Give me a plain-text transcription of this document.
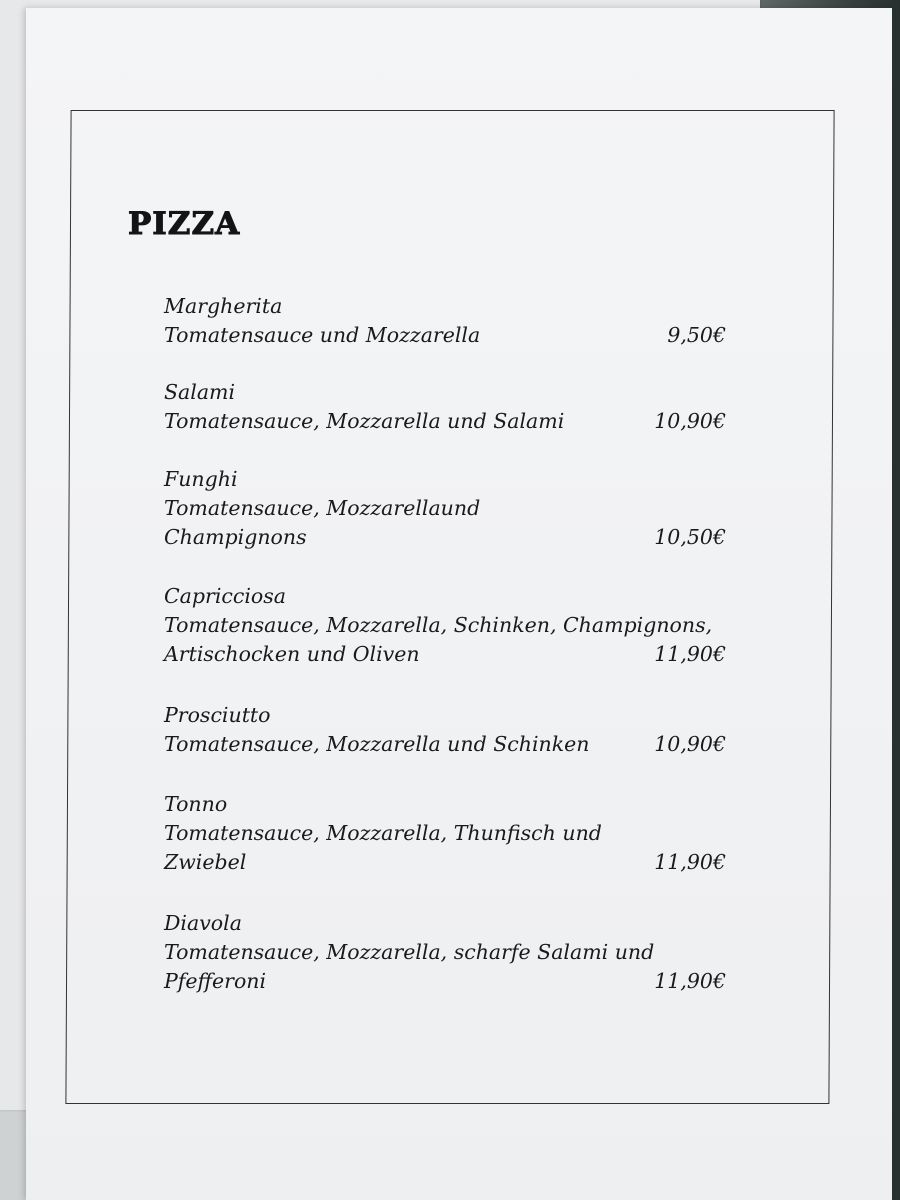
PIZZA
Margherita
Tomatensauce und Mozzarella	9,50€
Salami
Tomatensauce, Mozzarella und Salami	10,90€
Funghi
Tomatensauce, Mozzarellaund
Champignons	10,50€
Capricciosa
Tomatensauce, Mozzarella, Schinken, Champignons,
Artischocken und Oliven	11,90€
Prosciutto
Tomatensauce, Mozzarella und Schinken	10,90€
Tonno
Tomatensauce, Mozzarella, Thunfisch und
Zwiebel	11,90€
Diavola
Tomatensauce, Mozzarella, scharfe Salami und
Pfefferoni	11,90€
